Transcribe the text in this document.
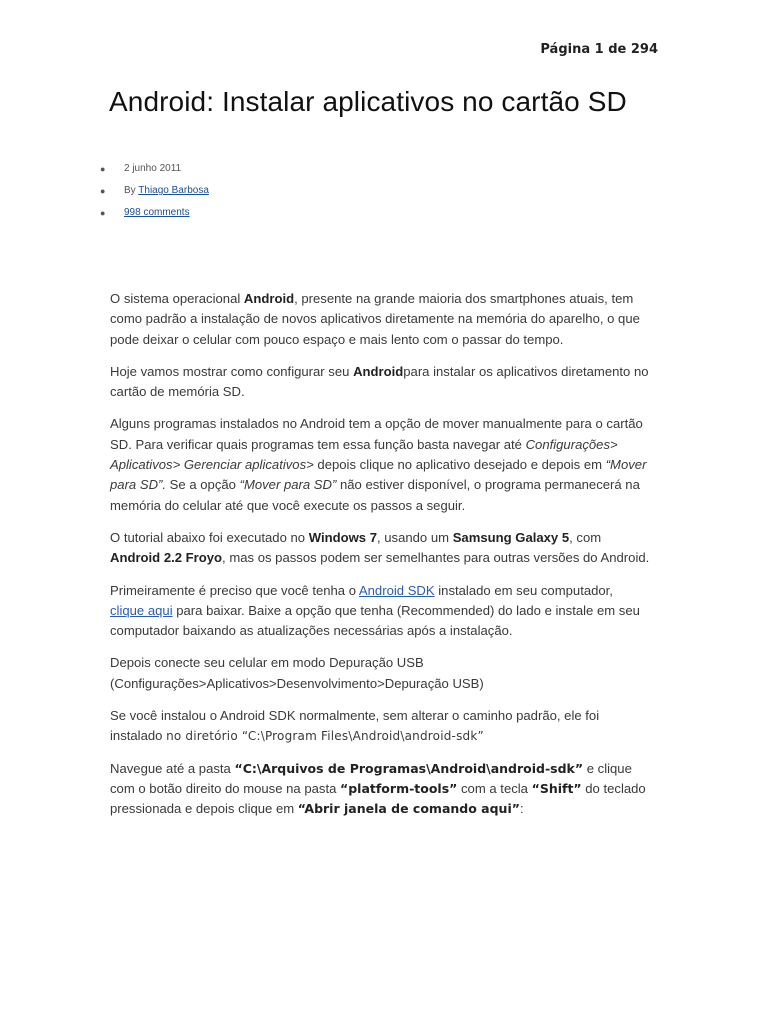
Página 1 de 294
Android: Instalar aplicativos no cartão SD
● 2 junho 2011
● By Thiago Barbosa
● 998 comments

O sistema operacional Android, presente na grande maioria dos smartphones atuais, tem como padrão a instalação de novos aplicativos diretamente na memória do aparelho, o que pode deixar o celular com pouco espaço e mais lento com o passar do tempo.

Hoje vamos mostrar como configurar seu Androidpara instalar os aplicativos diretamento no cartão de memória SD.

Alguns programas instalados no Android tem a opção de mover manualmente para o cartão SD. Para verificar quais programas tem essa função basta navegar até Configurações> Aplicativos> Gerenciar aplicativos> depois clique no aplicativo desejado e depois em “Mover para SD”. Se a opção “Mover para SD” não estiver disponível, o programa permanecerá na memória do celular até que você execute os passos a seguir.

O tutorial abaixo foi executado no Windows 7, usando um Samsung Galaxy 5, com Android 2.2 Froyo, mas os passos podem ser semelhantes para outras versões do Android.

Primeiramente é preciso que você tenha o Android SDK instalado em seu computador, clique aqui para baixar. Baixe a opção que tenha (Recommended) do lado e instale em seu computador baixando as atualizações necessárias após a instalação.

Depois conecte seu celular em modo Depuração USB (Configurações>Aplicativos>Desenvolvimento>Depuração USB)

Se você instalou o Android SDK normalmente, sem alterar o caminho padrão, ele foi instalado no diretório “C:\Program Files\Android\android-sdk”

Navegue até a pasta “C:\Arquivos de Programas\Android\android-sdk” e clique com o botão direito do mouse na pasta “platform-tools” com a tecla “Shift” do teclado pressionada e depois clique em “Abrir janela de comando aqui”:
